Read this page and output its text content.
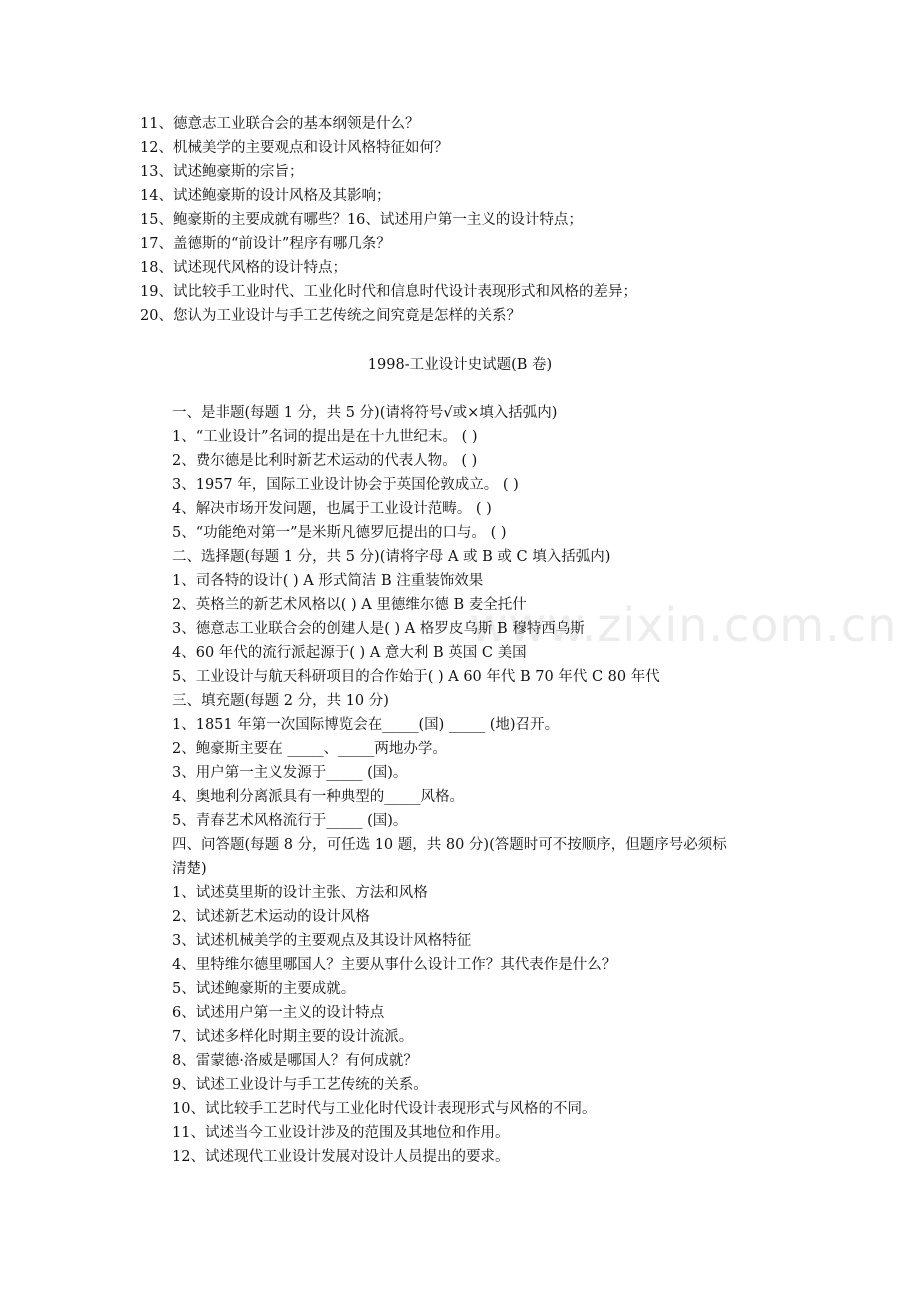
www.zixin.com.cn
11、德意志工业联合会的基本纲领是什么？
12、机械美学的主要观点和设计风格特征如何？
13、试述鲍豪斯的宗旨；
14、试述鲍豪斯的设计风格及其影响；
15、鲍豪斯的主要成就有哪些？16、试述用户第一主义的设计特点；
17、盖德斯的“前设计”程序有哪几条？
18、试述现代风格的设计特点；
19、试比较手工业时代、工业化时代和信息时代设计表现形式和风格的差异；
20、您认为工业设计与手工艺传统之间究竟是怎样的关系？
1998-工业设计史试题(B 卷)
一、是非题(每题 1 分，共 5 分)(请将符号√或×填入括弧内)
1、“工业设计”名词的提出是在十九世纪末。 ( )
2、费尔德是比利时新艺术运动的代表人物。 ( )
3、1957 年，国际工业设计协会于英国伦敦成立。 ( )
4、解决市场开发问题，也属于工业设计范畴。 ( )
5、“功能绝对第一”是米斯凡德罗厄提出的口与。 ( )
二、选择题(每题 1 分，共 5 分)(请将字母 A 或 B 或 C 填入括弧内)
1、司各特的设计( ) A 形式简洁 B 注重装饰效果
2、英格兰的新艺术风格以( ) A 里德维尔德 B 麦全托什
3、德意志工业联合会的创建人是( ) A 格罗皮乌斯 B 穆特西乌斯
4、60 年代的流行派起源于( ) A 意大利 B 英国 C 美国
5、工业设计与航天科研项目的合作始于( ) A 60 年代 B 70 年代 C 80 年代
三、填充题(每题 2 分，共 10 分)
1、1851 年第一次国际博览会在_____(国) _____ (地)召开。
2、鲍豪斯主要在 _____、_____两地办学。
3、用户第一主义发源于_____ (国)。
4、奥地利分离派具有一种典型的_____风格。
5、青春艺术风格流行于_____ (国)。
四、问答题(每题 8 分，可任选 10 题，共 80 分)(答题时可不按顺序，但题序号必须标
清楚)
1、试述莫里斯的设计主张、方法和风格
2、试述新艺术运动的设计风格
3、试述机械美学的主要观点及其设计风格特征
4、里特维尔德里哪国人？主要从事什么设计工作？其代表作是什么？
5、试述鲍豪斯的主要成就。
6、试述用户第一主义的设计特点
7、试述多样化时期主要的设计流派。
8、雷蒙德·洛威是哪国人？有何成就？
9、试述工业设计与手工艺传统的关系。
10、试比较手工艺时代与工业化时代设计表现形式与风格的不同。
11、试述当今工业设计涉及的范围及其地位和作用。
12、试述现代工业设计发展对设计人员提出的要求。
